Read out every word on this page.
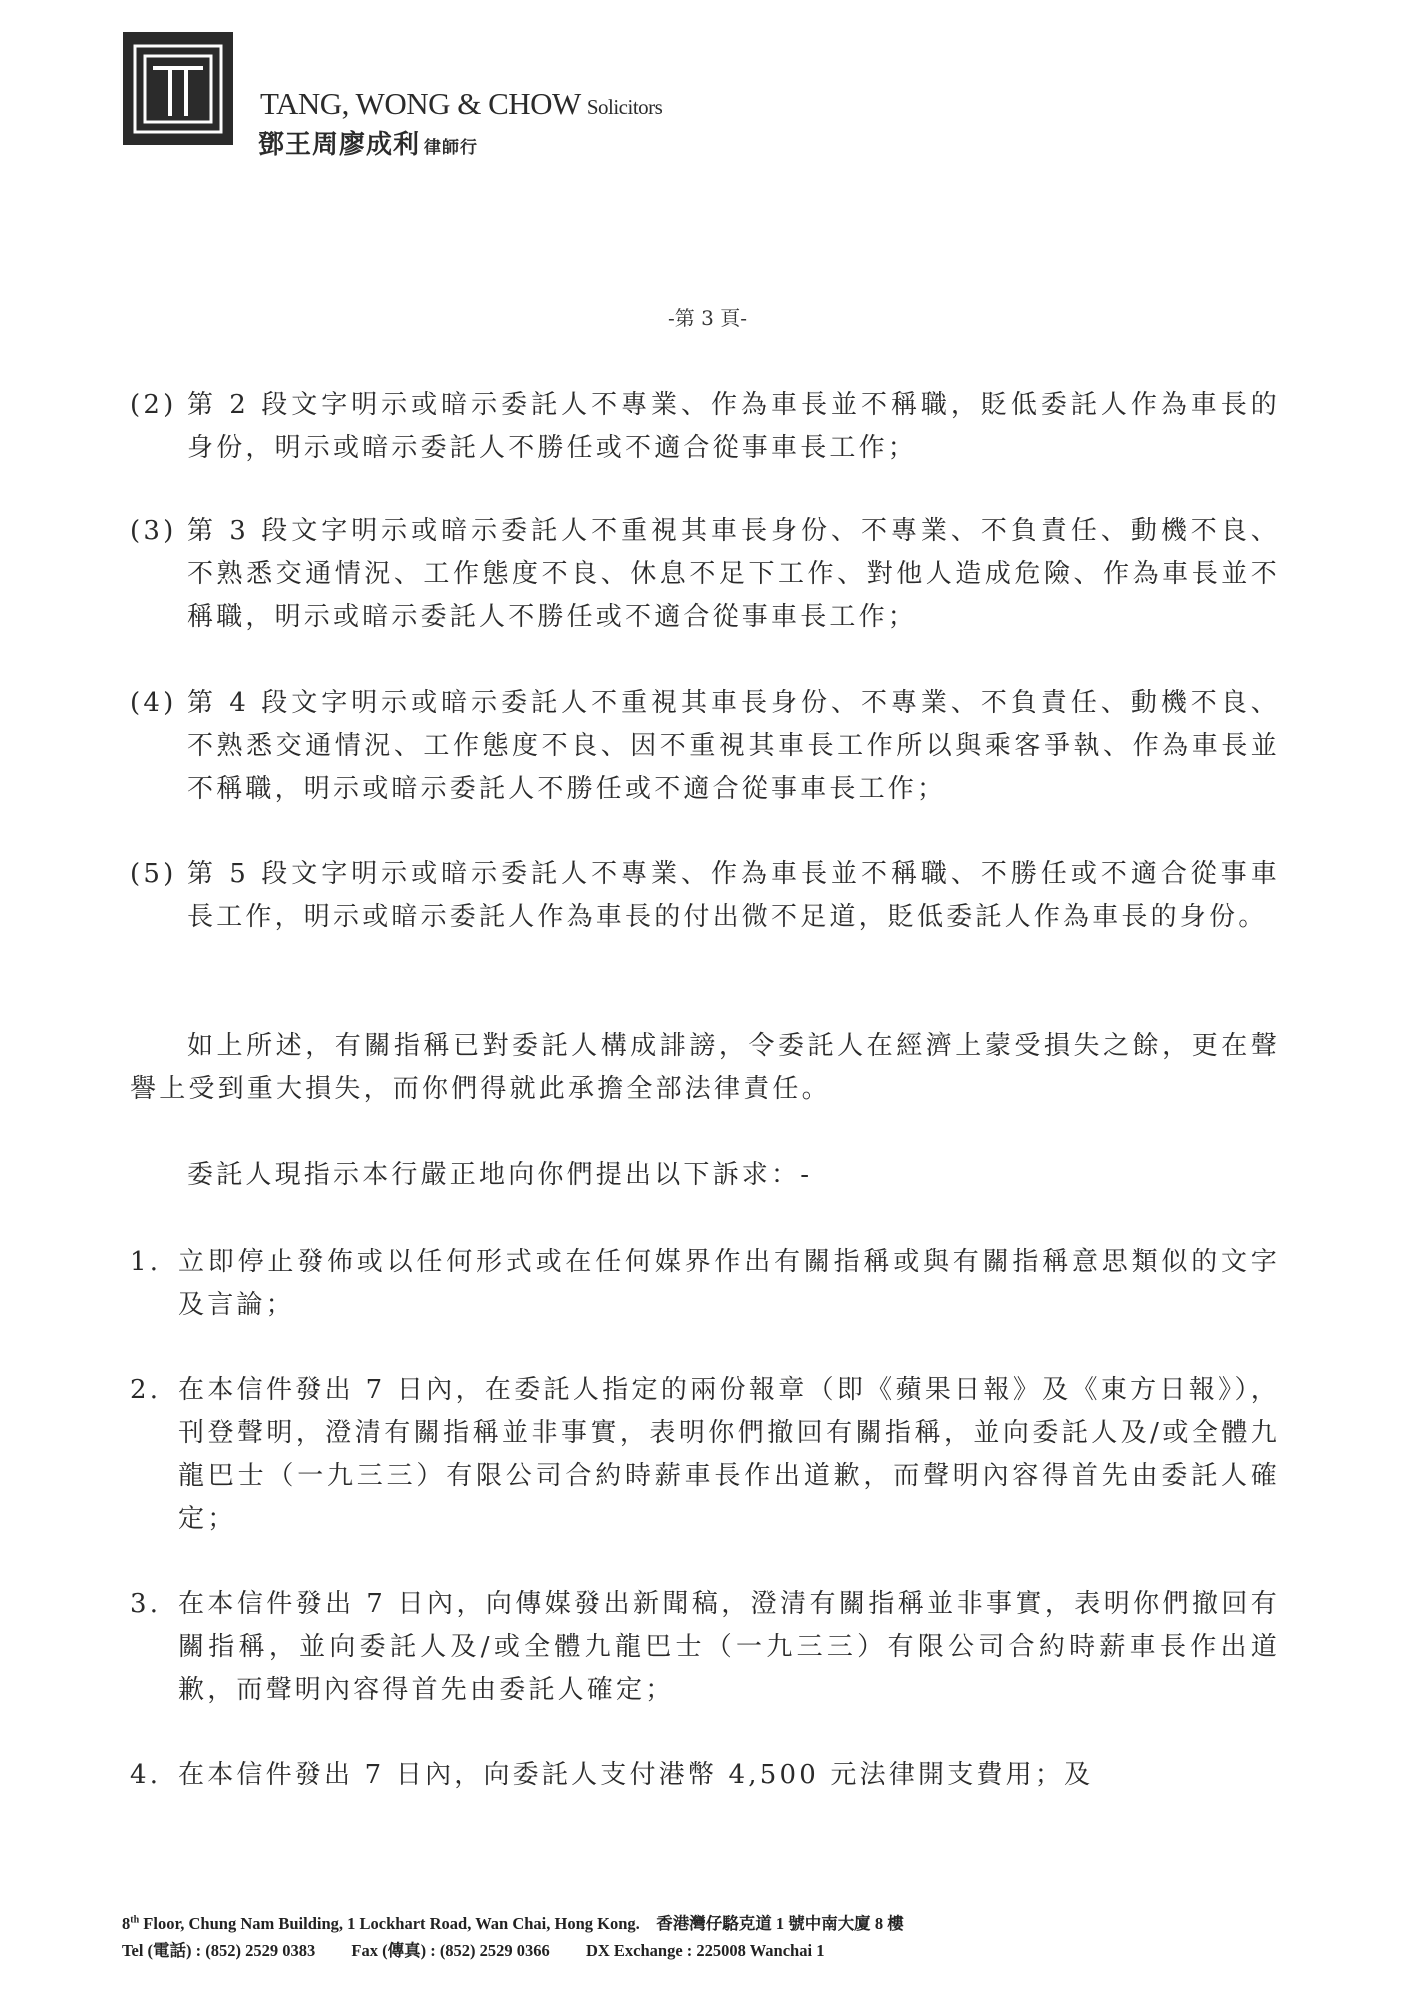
TANG, WONG & CHOW Solicitors
鄧王周廖成利 律師行
-第 3 頁-
(2) 第 2 段文字明示或暗示委託人不專業、作為車長並不稱職，貶低委託人作為車長的身份，明示或暗示委託人不勝任或不適合從事車長工作；
(3) 第 3 段文字明示或暗示委託人不重視其車長身份、不專業、不負責任、動機不良、不熟悉交通情況、工作態度不良、休息不足下工作、對他人造成危險、作為車長並不稱職，明示或暗示委託人不勝任或不適合從事車長工作；
(4) 第 4 段文字明示或暗示委託人不重視其車長身份、不專業、不負責任、動機不良、不熟悉交通情況、工作態度不良、因不重視其車長工作所以與乘客爭執、作為車長並不稱職，明示或暗示委託人不勝任或不適合從事車長工作；
(5) 第 5 段文字明示或暗示委託人不專業、作為車長並不稱職、不勝任或不適合從事車長工作，明示或暗示委託人作為車長的付出微不足道，貶低委託人作為車長的身份。
如上所述，有關指稱已對委託人構成誹謗，令委託人在經濟上蒙受損失之餘，更在聲譽上受到重大損失，而你們得就此承擔全部法律責任。
委託人現指示本行嚴正地向你們提出以下訴求：-
1. 立即停止發佈或以任何形式或在任何媒界作出有關指稱或與有關指稱意思類似的文字及言論；
2. 在本信件發出 7 日內，在委託人指定的兩份報章（即《蘋果日報》及《東方日報》），刊登聲明，澄清有關指稱並非事實，表明你們撤回有關指稱，並向委託人及/或全體九龍巴士（一九三三）有限公司合約時薪車長作出道歉，而聲明內容得首先由委託人確定；
3. 在本信件發出 7 日內，向傳媒發出新聞稿，澄清有關指稱並非事實，表明你們撤回有關指稱，並向委託人及/或全體九龍巴士（一九三三）有限公司合約時薪車長作出道歉，而聲明內容得首先由委託人確定；
4. 在本信件發出 7 日內，向委託人支付港幣 4,500 元法律開支費用；及
8th Floor, Chung Nam Building, 1 Lockhart Road, Wan Chai, Hong Kong. 香港灣仔駱克道 1 號中南大廈 8 樓
Tel (電話) : (852) 2529 0383 Fax (傳真) : (852) 2529 0366 DX Exchange : 225008 Wanchai 1
